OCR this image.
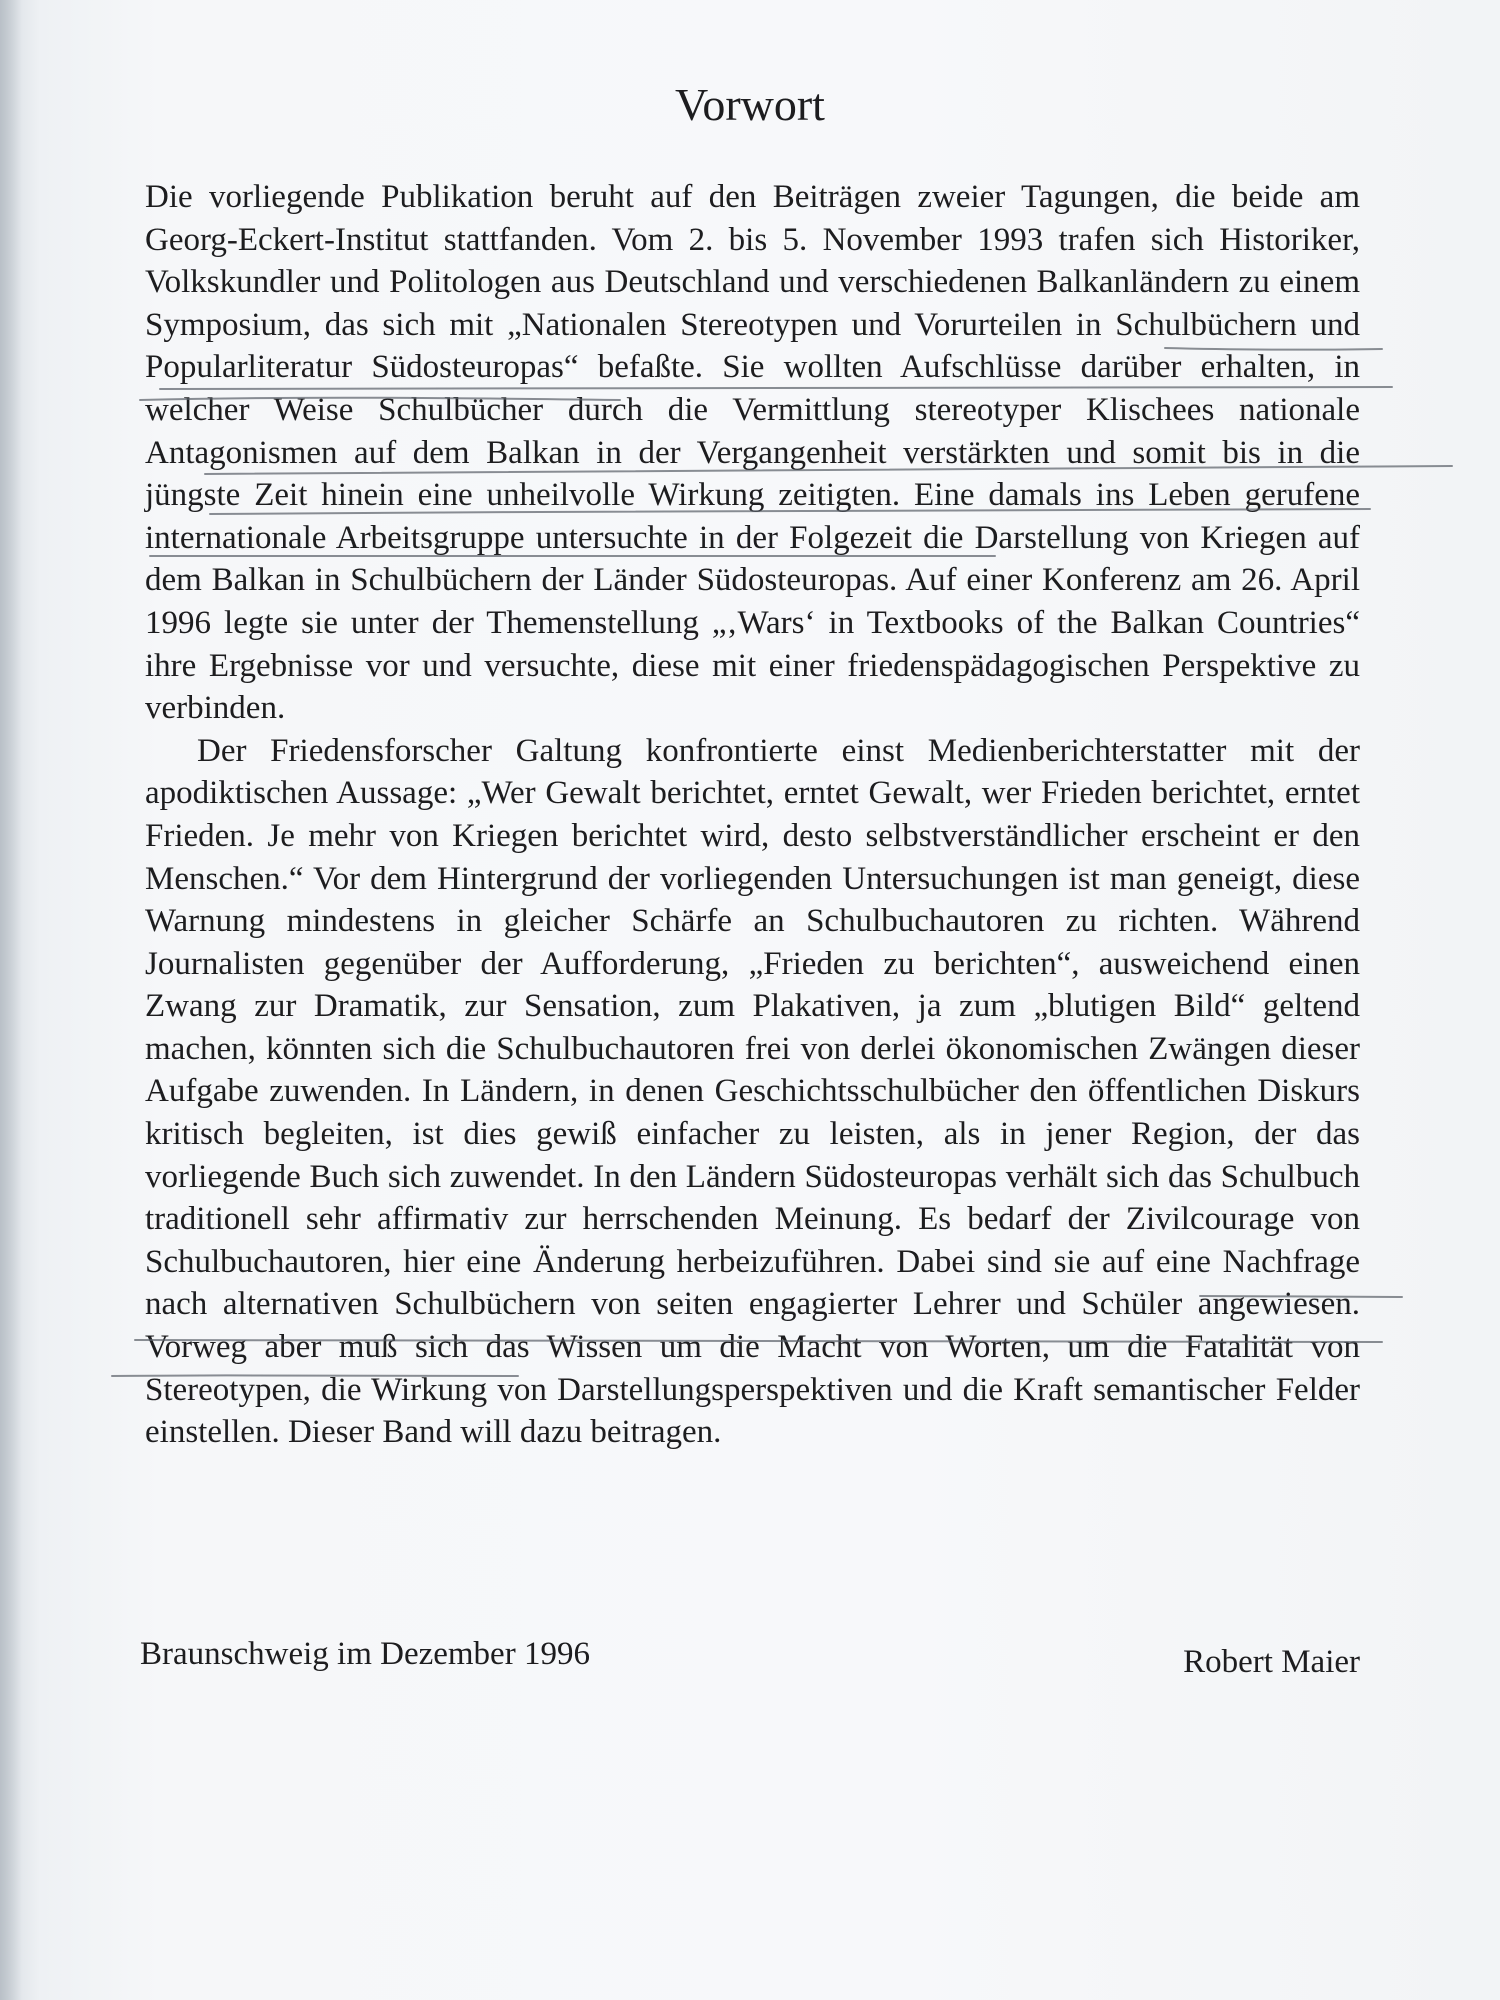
Vorwort

Die vorliegende Publikation beruht auf den Beiträgen zweier Tagungen, die beide am Georg-Eckert-Institut stattfanden. Vom 2. bis 5. November 1993 trafen sich Historiker, Volkskundler und Politologen aus Deutschland und verschiedenen Balkanländern zu einem Symposium, das sich mit „Nationalen Stereotypen und Vorurteilen in Schulbüchern und Popularliteratur Südosteuropas“ befaßte. Sie wollten Aufschlüsse darüber erhalten, in welcher Weise Schulbücher durch die Vermittlung stereotyper Klischees nationale Antagonismen auf dem Balkan in der Vergangenheit verstärkten und somit bis in die jüngste Zeit hinein eine unheilvolle Wirkung zeitigten. Eine damals ins Leben gerufene internationale Arbeitsgruppe untersuchte in der Folgezeit die Darstellung von Kriegen auf dem Balkan in Schulbüchern der Länder Südosteuropas. Auf einer Konferenz am 26. April 1996 legte sie unter der Themenstellung „‚Wars‘ in Textbooks of the Balkan Countries“ ihre Ergebnisse vor und versuchte, diese mit einer friedenspädagogischen Perspektive zu verbinden.

Der Friedensforscher Galtung konfrontierte einst Medienberichterstatter mit der apodiktischen Aussage: „Wer Gewalt berichtet, erntet Gewalt, wer Frieden berichtet, erntet Frieden. Je mehr von Kriegen berichtet wird, desto selbstverständlicher erscheint er den Menschen.“ Vor dem Hintergrund der vorliegenden Untersuchungen ist man geneigt, diese Warnung mindestens in gleicher Schärfe an Schulbuchautoren zu richten. Während Journalisten gegenüber der Aufforderung, „Frieden zu berichten“, ausweichend einen Zwang zur Dramatik, zur Sensation, zum Plakativen, ja zum „blutigen Bild“ geltend machen, könnten sich die Schulbuchautoren frei von derlei ökonomischen Zwängen dieser Aufgabe zuwenden. In Ländern, in denen Geschichtsschulbücher den öffentlichen Diskurs kritisch begleiten, ist dies gewiß einfacher zu leisten, als in jener Region, der das vorliegende Buch sich zuwendet. In den Ländern Südosteuropas verhält sich das Schulbuch traditionell sehr affirmativ zur herrschenden Meinung. Es bedarf der Zivilcourage von Schulbuchautoren, hier eine Änderung herbeizuführen. Dabei sind sie auf eine Nachfrage nach alternativen Schulbüchern von seiten engagierter Lehrer und Schüler angewiesen. Vorweg aber muß sich das Wissen um die Macht von Worten, um die Fatalität von Stereotypen, die Wirkung von Darstellungsperspektiven und die Kraft semantischer Felder einstellen. Dieser Band will dazu beitragen.

Braunschweig im Dezember 1996	Robert Maier
